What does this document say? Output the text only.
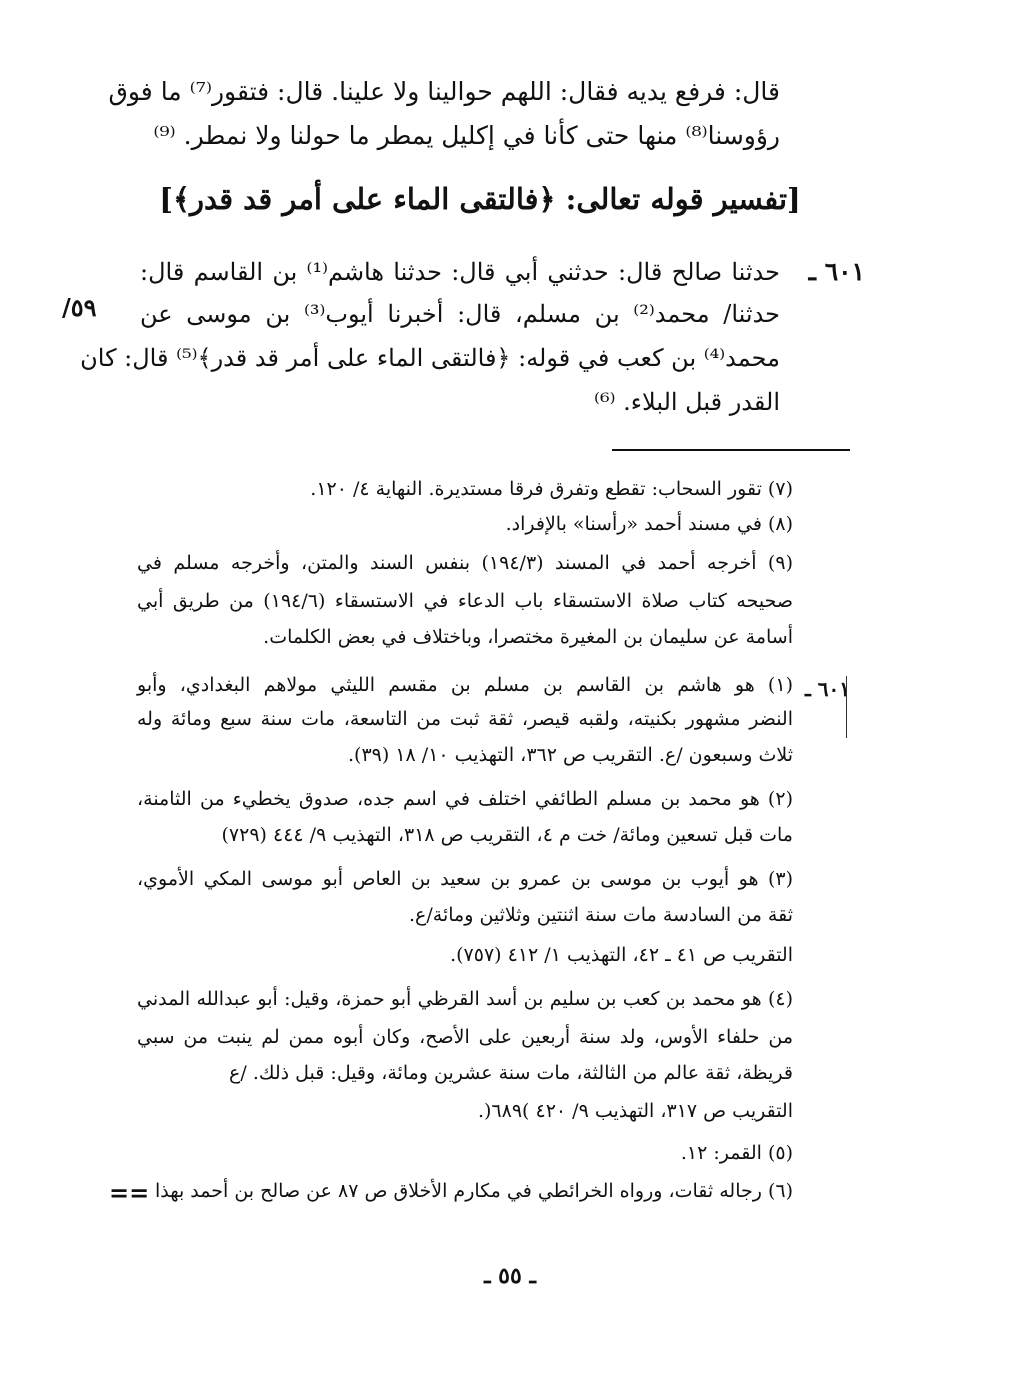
قال: فرفع يديه فقال: اللهم حوالينا ولا علينا. قال: فتقور⁽⁷⁾ ما فوق
رؤوسنا⁽⁸⁾ منها حتى كأنا في إكليل يمطر ما حولنا ولا نمطر. ⁽⁹⁾
[تفسير قوله تعالى: ﴿فالتقى الماء على أمر قد قدر﴾]
٦٠١ ـ
حدثنا صالح قال: حدثني أبي قال: حدثنا هاشم⁽¹⁾ بن القاسم قال:
حدثنا/ محمد⁽²⁾ بن مسلم، قال: أخبرنا أيوب⁽³⁾ بن موسى عن
محمد⁽⁴⁾ بن كعب في قوله: ﴿فالتقى الماء على أمر قد قدر﴾⁽⁵⁾ قال: كان
القدر قبل البلاء. ⁽⁶⁾
/٥٩
(٧) تقور السحاب: تقطع وتفرق فرقا مستديرة. النهاية ٤/ ١٢٠.
(٨) في مسند أحمد «رأسنا» بالإفراد.
(٩) أخرجه أحمد في المسند (١٩٤/٣) بنفس السند والمتن، وأخرجه مسلم في
صحيحه كتاب صلاة الاستسقاء باب الدعاء في الاستسقاء (١٩٤/٦) من طريق أبي
أسامة عن سليمان بن المغيرة مختصرا، وباختلاف في بعض الكلمات.
٦٠١ ـ
(١) هو هاشم بن القاسم بن مسلم بن مقسم الليثي مولاهم البغدادي، وأبو
النضر مشهور بكنيته، ولقبه قيصر، ثقة ثبت من التاسعة، مات سنة سبع ومائة وله
ثلاث وسبعون /ع. التقريب ص ٣٦٢، التهذيب ١٠/ ١٨ (٣٩).
(٢) هو محمد بن مسلم الطائفي اختلف في اسم جده، صدوق يخطيء من الثامنة،
مات قبل تسعين ومائة/ خت م ٤، التقريب ص ٣١٨، التهذيب ٩/ ٤٤٤ (٧٢٩)
(٣) هو أيوب بن موسى بن عمرو بن سعيد بن العاص أبو موسى المكي الأموي،
ثقة من السادسة مات سنة اثنتين وثلاثين ومائة/ع.
التقريب ص ٤١ ـ ٤٢، التهذيب ١/ ٤١٢ (٧٥٧).
(٤) هو محمد بن كعب بن سليم بن أسد القرظي أبو حمزة، وقيل: أبو عبدالله المدني
من حلفاء الأوس، ولد سنة أربعين على الأصح، وكان أبوه ممن لم ينبت من سبي
قريظة، ثقة عالم من الثالثة، مات سنة عشرين ومائة، وقيل: قبل ذلك. /ع
التقريب ص ٣١٧، التهذيب ٩/ ٤٢٠ )٦٨٩(.
(٥) القمر: ١٢.
(٦) رجاله ثقات، ورواه الخرائطي في مكارم الأخلاق ص ٨٧ عن صالح بن أحمد بهذا
==
ـ ٥٥ ـ
